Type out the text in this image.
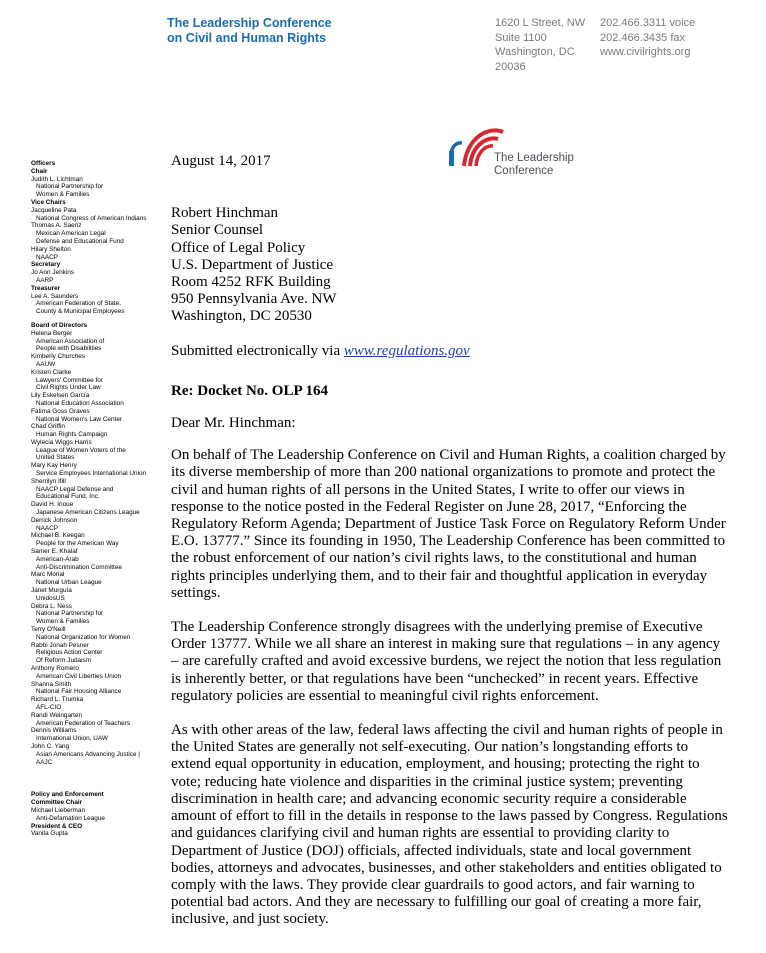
The Leadership Conference
on Civil and Human Rights
1620 L Street, NW
Suite 1100
Washington, DC
20036
202.466.3311 voice
202.466.3435 fax
www.civilrights.org
The Leadership
Conference
Officers
Chair
Judith L. Lichtman
National Partnership for
Women & Families
Vice Chairs
Jacqueline Pata
National Congress of American Indians
Thomas A. Saenz
Mexican American Legal
Defense and Educational Fund
Hilary Shelton
NAACP
Secretary
Jo Ann Jenkins
AARP
Treasurer
Lee A. Saunders
American Federation of State,
County & Municipal Employees
Board of Directors
Helena Berger
American Association of
People with Disabilities
Kimberly Churches
AAUW
Kristen Clarke
Lawyers' Committee for
Civil Rights Under Law
Lily Eskelsen García
National Education Association
Fatima Goss Graves
National Women's Law Center
Chad Griffin
Human Rights Campaign
Wylecia Wiggs Harris
League of Women Voters of the
United States
Mary Kay Henry
Service Employees International Union
Sherrilyn Ifill
NAACP Legal Defense and
Educational Fund, Inc.
David H. Inoue
Japanese American Citizens League
Derrick Johnson
NAACP
Michael B. Keegan
People for the American Way
Samer E. Khalaf
American-Arab
Anti-Discrimination Committee
Marc Morial
National Urban League
Janet Murguía
UnidosUS
Debra L. Ness
National Partnership for
Women & Families
Terry O'Neill
National Organization for Women
Rabbi Jonah Pesner
Religious Action Center
Of Reform Judaism
Anthony Romero
American Civil Liberties Union
Shanna Smith
National Fair Housing Alliance
Richard L. Trumka
AFL-CIO
Randi Weingarten
American Federation of Teachers
Dennis Williams
International Union, UAW
John C. Yang
Asian Americans Advancing Justice |
AAJC
Policy and Enforcement
Committee Chair
Michael Lieberman
Anti-Defamation League
President & CEO
Vanita Gupta

August 14, 2017

Robert Hinchman
Senior Counsel
Office of Legal Policy
U.S. Department of Justice
Room 4252 RFK Building
950 Pennsylvania Ave. NW
Washington, DC 20530

Submitted electronically via www.regulations.gov

Re: Docket No. OLP 164

Dear Mr. Hinchman:

On behalf of The Leadership Conference on Civil and Human Rights, a coalition charged by
its diverse membership of more than 200 national organizations to promote and protect the
civil and human rights of all persons in the United States, I write to offer our views in
response to the notice posted in the Federal Register on June 28, 2017, “Enforcing the
Regulatory Reform Agenda; Department of Justice Task Force on Regulatory Reform Under
E.O. 13777.” Since its founding in 1950, The Leadership Conference has been committed to
the robust enforcement of our nation’s civil rights laws, to the constitutional and human
rights principles underlying them, and to their fair and thoughtful application in everyday
settings.

The Leadership Conference strongly disagrees with the underlying premise of Executive
Order 13777. While we all share an interest in making sure that regulations – in any agency
– are carefully crafted and avoid excessive burdens, we reject the notion that less regulation
is inherently better, or that regulations have been “unchecked” in recent years. Effective
regulatory policies are essential to meaningful civil rights enforcement.

As with other areas of the law, federal laws affecting the civil and human rights of people in
the United States are generally not self-executing. Our nation’s longstanding efforts to
extend equal opportunity in education, employment, and housing; protecting the right to
vote; reducing hate violence and disparities in the criminal justice system; preventing
discrimination in health care; and advancing economic security require a considerable
amount of effort to fill in the details in response to the laws passed by Congress. Regulations
and guidances clarifying civil and human rights are essential to providing clarity to
Department of Justice (DOJ) officials, affected individuals, state and local government
bodies, attorneys and advocates, businesses, and other stakeholders and entities obligated to
comply with the laws. They provide clear guardrails to good actors, and fair warning to
potential bad actors. And they are necessary to fulfilling our goal of creating a more fair,
inclusive, and just society.
